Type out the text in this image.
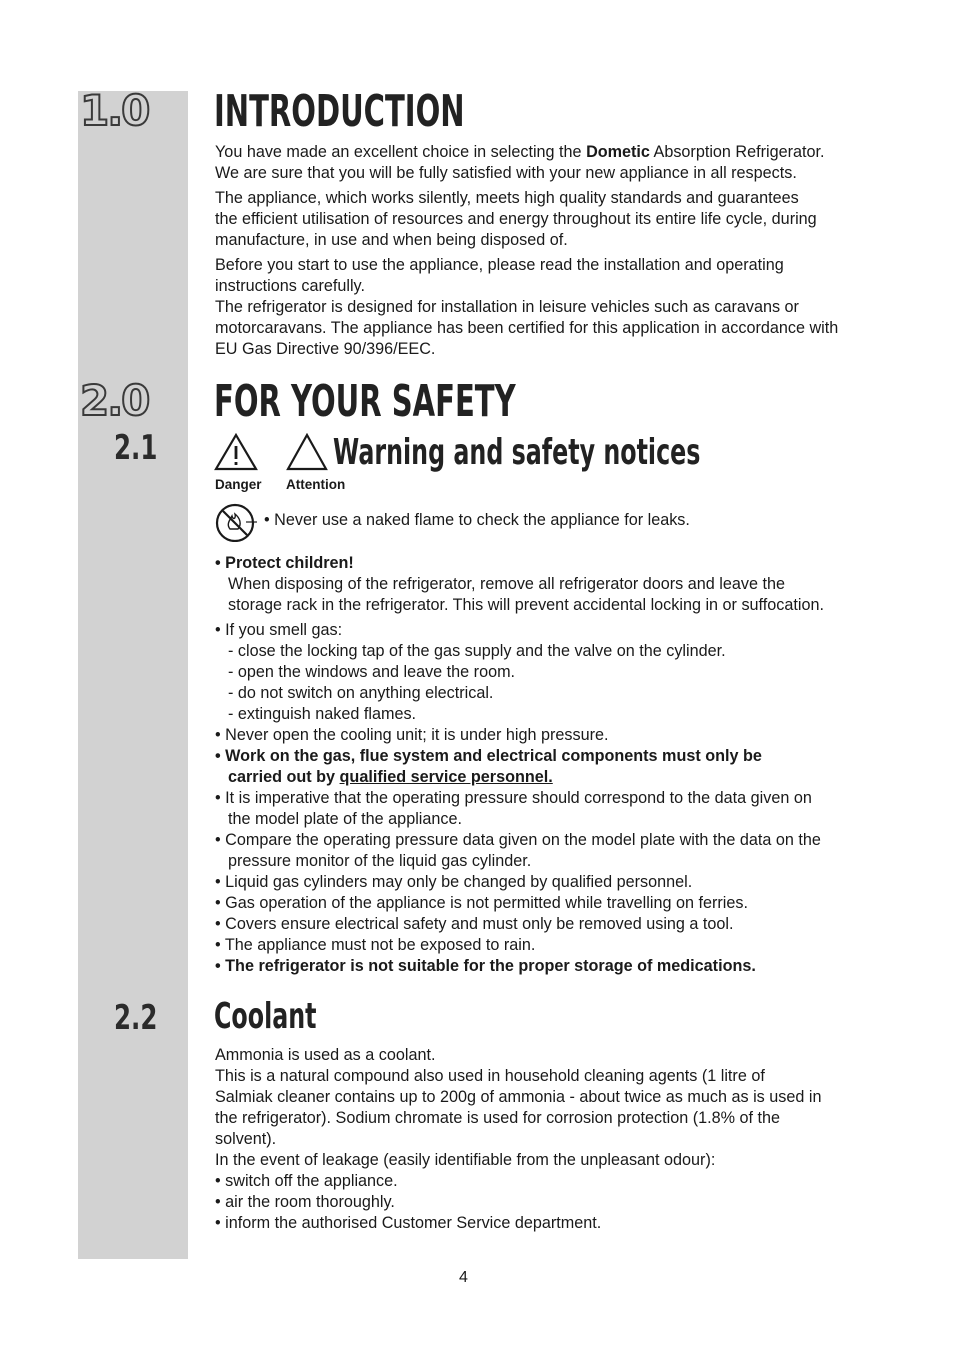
1.0 INTRODUCTION

You have made an excellent choice in selecting the Dometic Absorption Refrigerator.

We are sure that you will be fully satisfied with your new appliance in all respects.

The appliance, which works silently, meets high quality standards and guarantees

the efficient utilisation of resources and energy throughout its entire life cycle, during

manufacture, in use and when being disposed of.

Before you start to use the appliance, please read the installation and operating

instructions carefully.

The refrigerator is designed for installation in leisure vehicles such as caravans or

motorcaravans. The appliance has been certified for this application in accordance with

EU Gas Directive 90/396/EEC.

2.0 FOR YOUR SAFETY
2.1	Warning and safety notices
Danger Attention
• Never use a naked flame to check the appliance for leaks.

• Protect children!

When disposing of the refrigerator, remove all refrigerator doors and leave the

storage rack in the refrigerator. This will prevent accidental locking in or suffocation.

• If you smell gas:

- close the locking tap of the gas supply and the valve on the cylinder.

- open the windows and leave the room.

- do not switch on anything electrical.

- extinguish naked flames.

• Never open the cooling unit; it is under high pressure.

• Work on the gas, flue system and electrical components must only be

carried out by qualified service personnel.

• It is imperative that the operating pressure should correspond to the data given on

the model plate of the appliance.

• Compare the operating pressure data given on the model plate with the data on the

pressure monitor of the liquid gas cylinder.

• Liquid gas cylinders may only be changed by qualified personnel.

• Gas operation of the appliance is not permitted while travelling on ferries.

• Covers ensure electrical safety and must only be removed using a tool.

• The appliance must not be exposed to rain.

• The refrigerator is not suitable for the proper storage of medications.

2.2 Coolant

Ammonia is used as a coolant.

This is a natural compound also used in household cleaning agents (1 litre of

Salmiak cleaner contains up to 200g of ammonia - about twice as much as is used in

the refrigerator). Sodium chromate is used for corrosion protection (1.8% of the

solvent).

In the event of leakage (easily identifiable from the unpleasant odour):

• switch off the appliance.

• air the room thoroughly.

• inform the authorised Customer Service department.

4
